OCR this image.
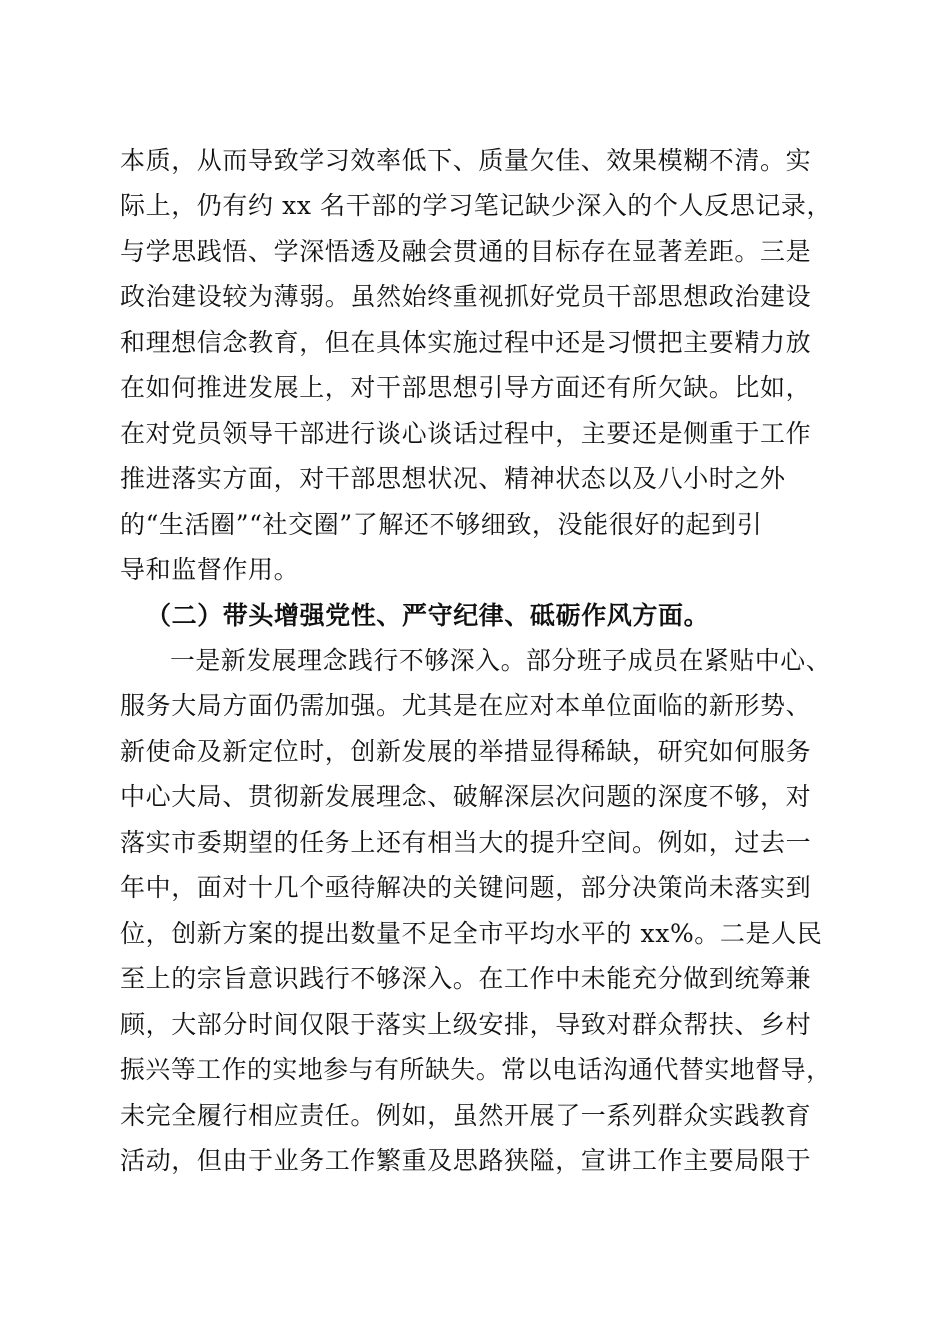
本质，从而导致学习效率低下、质量欠佳、效果模糊不清。实
际上，仍有约 xx 名干部的学习笔记缺少深入的个人反思记录，
与学思践悟、学深悟透及融会贯通的目标存在显著差距。三是
政治建设较为薄弱。虽然始终重视抓好党员干部思想政治建设
和理想信念教育，但在具体实施过程中还是习惯把主要精力放
在如何推进发展上，对干部思想引导方面还有所欠缺。比如，
在对党员领导干部进行谈心谈话过程中，主要还是侧重于工作
推进落实方面，对干部思想状况、精神状态以及八小时之外
的“生活圈”“社交圈”了解还不够细致，没能很好的起到引
导和监督作用。
（二）带头增强党性、严守纪律、砥砺作风方面。
一是新发展理念践行不够深入。部分班子成员在紧贴中心、
服务大局方面仍需加强。尤其是在应对本单位面临的新形势、
新使命及新定位时，创新发展的举措显得稀缺，研究如何服务
中心大局、贯彻新发展理念、破解深层次问题的深度不够，对
落实市委期望的任务上还有相当大的提升空间。例如，过去一
年中，面对十几个亟待解决的关键问题，部分决策尚未落实到
位，创新方案的提出数量不足全市平均水平的 xx%。二是人民
至上的宗旨意识践行不够深入。在工作中未能充分做到统筹兼
顾，大部分时间仅限于落实上级安排，导致对群众帮扶、乡村
振兴等工作的实地参与有所缺失。常以电话沟通代替实地督导，
未完全履行相应责任。例如，虽然开展了一系列群众实践教育
活动，但由于业务工作繁重及思路狭隘，宣讲工作主要局限于
